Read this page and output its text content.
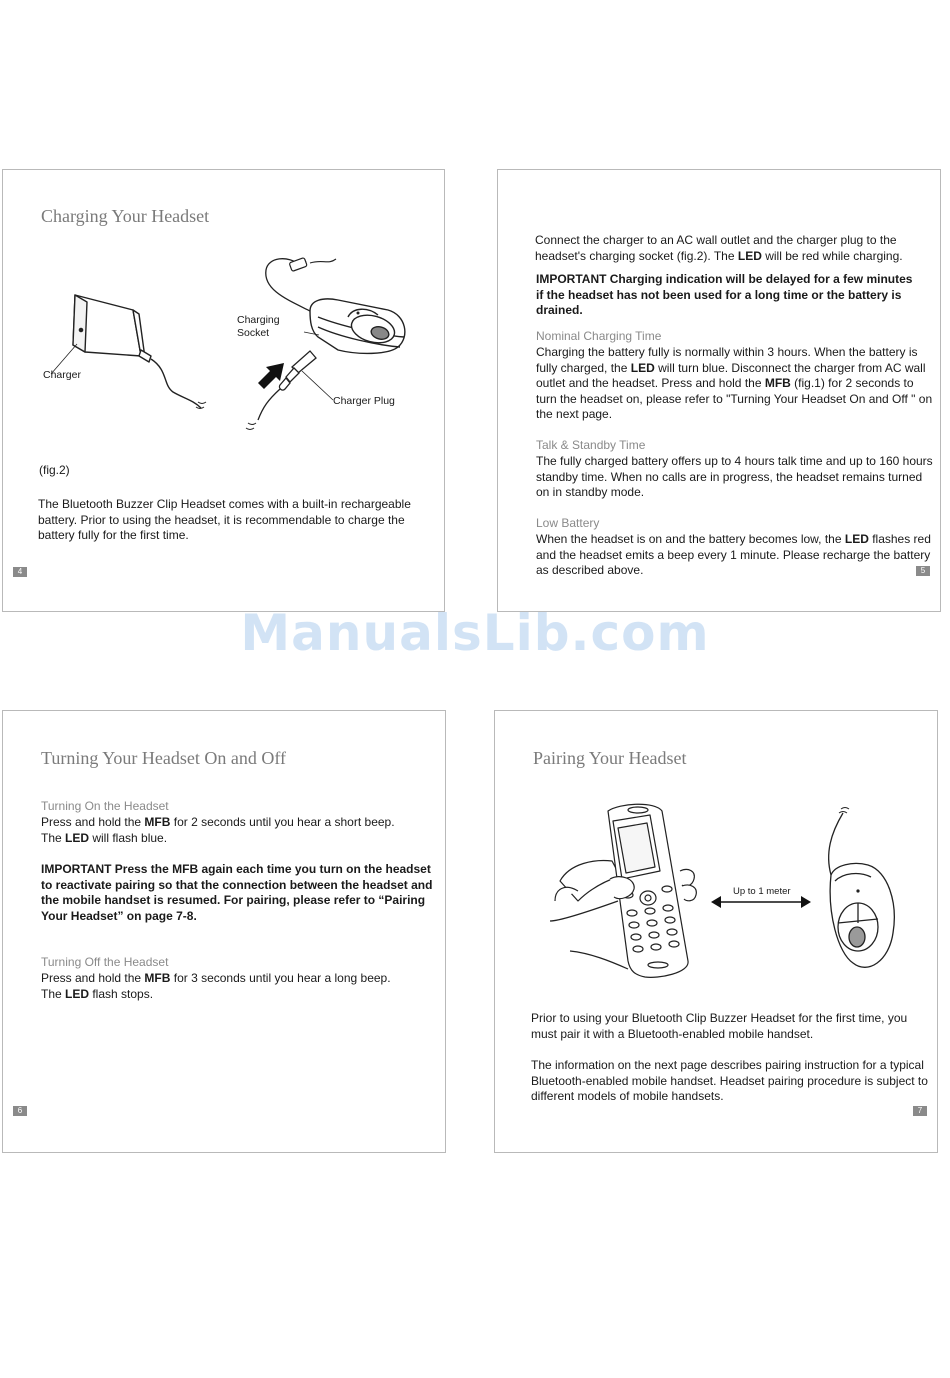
Charging Your Headset
Charger
Charging
Socket
Charger Plug

(fig.2)

The Bluetooth Buzzer Clip Headset comes with a built-in rechargeable
battery. Prior to using the headset, it is recommendable to charge the
battery fully for the first time.
4
Connect the charger to an AC wall outlet and the charger plug to the
headset's charging socket (fig.2). The LED will be red while charging.
IMPORTANT Charging indication will be delayed for a few minutes
if the headset has not been used for a long time or the battery is
drained.

Nominal Charging Time

Charging the battery fully is normally within 3 hours. When the battery is
fully charged, the LED will turn blue. Disconnect the charger from AC wall
outlet and the headset. Press and hold the MFB (fig.1) for 2 seconds to
turn the headset on, please refer to "Turning Your Headset On and Off " on
the next page.

Talk & Standby Time

The fully charged battery offers up to 4 hours talk time and up to 160 hours
standby time. When no calls are in progress, the headset remains turned
on in standby mode.

Low Battery

When the headset is on and the battery becomes low, the LED flashes red
and the headset emits a beep every 1 minute. Please recharge the battery
as described above.	5
ManualsLib.com
Turning Your Headset On and Off

Turning On the Headset

Press and hold the MFB for 2 seconds until you hear a short beep.
The LED will flash blue.
IMPORTANT Press the MFB again each time you turn on the headset
to reactivate pairing so that the connection between the headset and
the mobile handset is resumed. For pairing, please refer to “Pairing
Your Headset” on page 7-8.

Turning Off the Headset

Press and hold the MFB for 3 seconds until you hear a long beep.
The LED flash stops.
6
Pairing Your Headset
Up to 1 meter
Prior to using your Bluetooth Clip Buzzer Headset for the first time, you
must pair it with a Bluetooth-enabled mobile handset.
The information on the next page describes pairing instruction for a typical
Bluetooth-enabled mobile handset. Headset pairing procedure is subject to
different models of mobile handsets.
7
